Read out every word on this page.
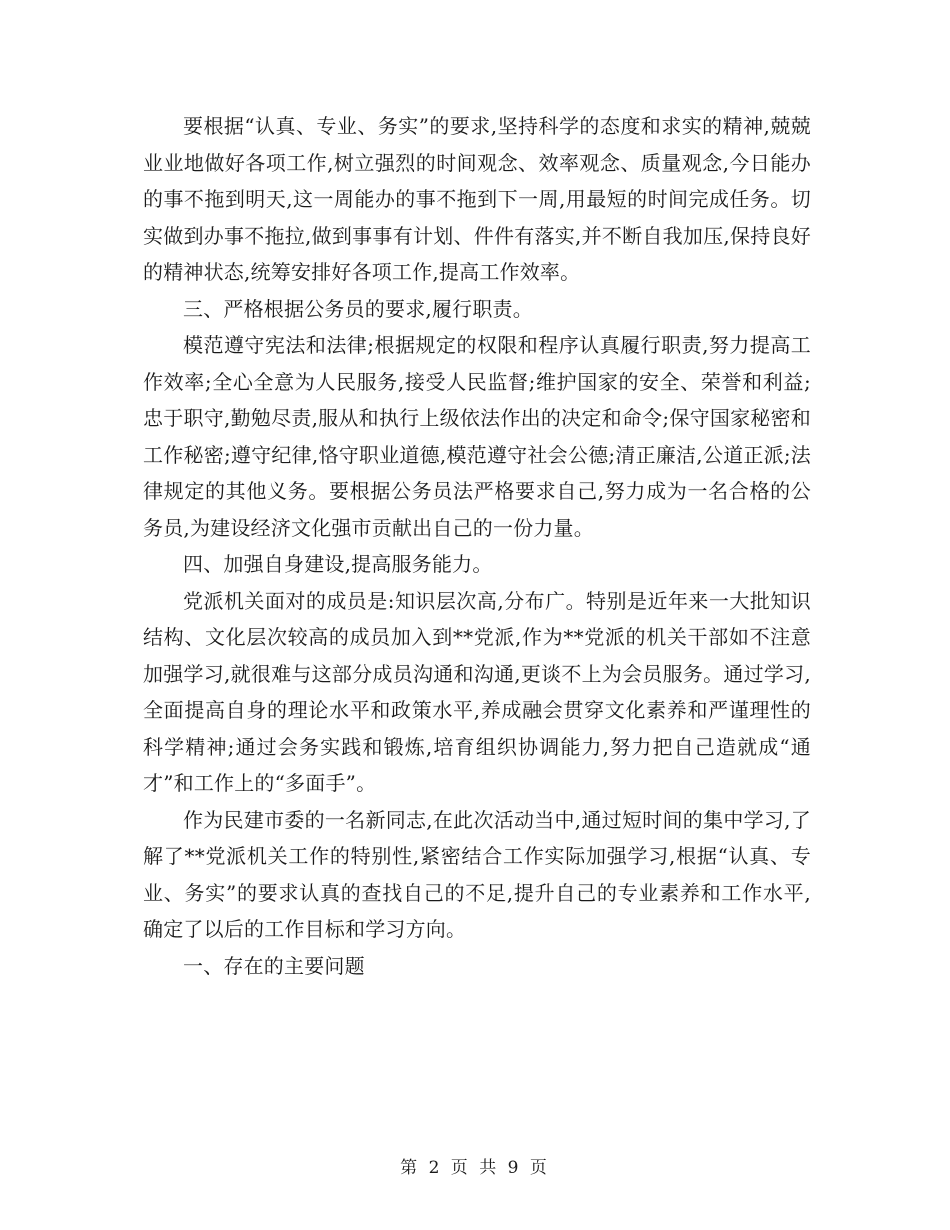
要根据“认真、专业、务实”的要求,坚持科学的态度和求实的精神,兢兢业业地做好各项工作,树立强烈的时间观念、效率观念、质量观念,今日能办的事不拖到明天,这一周能办的事不拖到下一周,用最短的时间完成任务。切实做到办事不拖拉,做到事事有计划、件件有落实,并不断自我加压,保持良好的精神状态,统筹安排好各项工作,提高工作效率。

三、严格根据公务员的要求,履行职责。

模范遵守宪法和法律;根据规定的权限和程序认真履行职责,努力提高工作效率;全心全意为人民服务,接受人民监督;维护国家的安全、荣誉和利益;忠于职守,勤勉尽责,服从和执行上级依法作出的决定和命令;保守国家秘密和工作秘密;遵守纪律,恪守职业道德,模范遵守社会公德;清正廉洁,公道正派;法律规定的其他义务。要根据公务员法严格要求自己,努力成为一名合格的公务员,为建设经济文化强市贡献出自己的一份力量。

四、加强自身建设,提高服务能力。

党派机关面对的成员是:知识层次高,分布广。特别是近年来一大批知识结构、文化层次较高的成员加入到**党派,作为**党派的机关干部如不注意加强学习,就很难与这部分成员沟通和沟通,更谈不上为会员服务。通过学习,全面提高自身的理论水平和政策水平,养成融会贯穿文化素养和严谨理性的科学精神;通过会务实践和锻炼,培育组织协调能力,努力把自己造就成“通才”和工作上的“多面手”。

作为民建市委的一名新同志,在此次活动当中,通过短时间的集中学习,了解了**党派机关工作的特别性,紧密结合工作实际加强学习,根据“认真、专业、务实”的要求认真的查找自己的不足,提升自己的专业素养和工作水平,确定了以后的工作目标和学习方向。

一、存在的主要问题

第 2 页 共 9 页
